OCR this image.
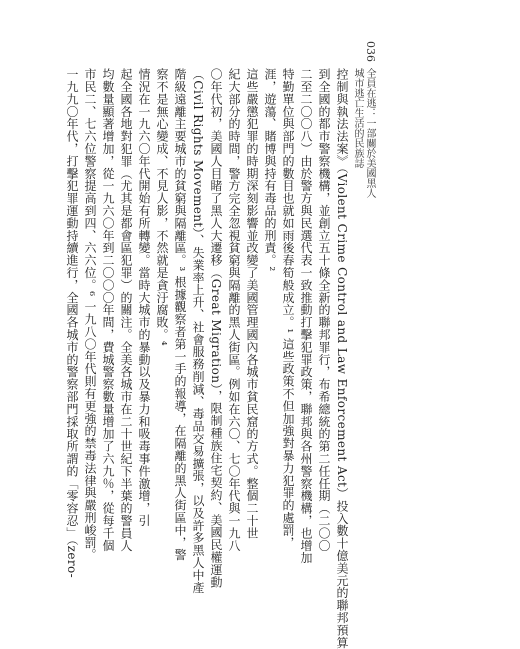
036
全員在逃：一部關於美國黑人城市逃亡生活的民族誌
控制與執法法案》（Violent Crime Control and Law Enforcement Act）投入數十億美元的聯邦預算
到全國的都市警察機構，並創立五十條全新的聯邦罪行，布希總統的第二任任期（二〇〇
二至二〇〇八）由於警方與民選代表一致推動打擊犯罪政策，聯邦與各州警察機構，也增加
特勤單位與部門的數目也就如雨後春筍般成立。¹ 這些政策不但加強對暴力犯罪的處罰，
涯，遊蕩、賭博與持有毒品的刑責。²
這些嚴懲犯罪的時期深刻影響並改變了美國管理國內各城市貧民窟的方式。整個二十世
紀大部分的時間，警方完全忽視貧窮與隔離的黑人街區。例如在六〇、七〇年代與一九八
〇年代初，美國人目睹了黑人大遷移（Great Migration），限制種族住宅契約、美國民權運動
（Civil Rights Movement）、失業率上升、社會服務削減、毒品交易擴張，以及許多黑人中產
階級遠離主要城市的貧窮與隔離區。³ 根據觀察者第一手的報導，在隔離的黑人街區中，警
察不是無心變成、不見人影，不然就是貪汙腐敗。⁴
情況在一九六〇年代開始有所轉變。當時大城市的暴動以及暴力和吸毒事件激增，引
起全國各地對犯罪（尤其是都會區犯罪）的關注。全美各城市在二十世紀下半葉的警員人
均數量顯著增加，從一九六〇年到二〇〇〇年間，費城警察數量增加了六九％，從每千個
市民二、七六位警察提高到四、六六位。⁶ 一九八〇年代則有更強的禁毒法律與嚴刑峻罰。
一九九〇年代，打擊犯罪運動持續進行，全國各城市的警察部門採取所謂的「零容忍」（zero-
